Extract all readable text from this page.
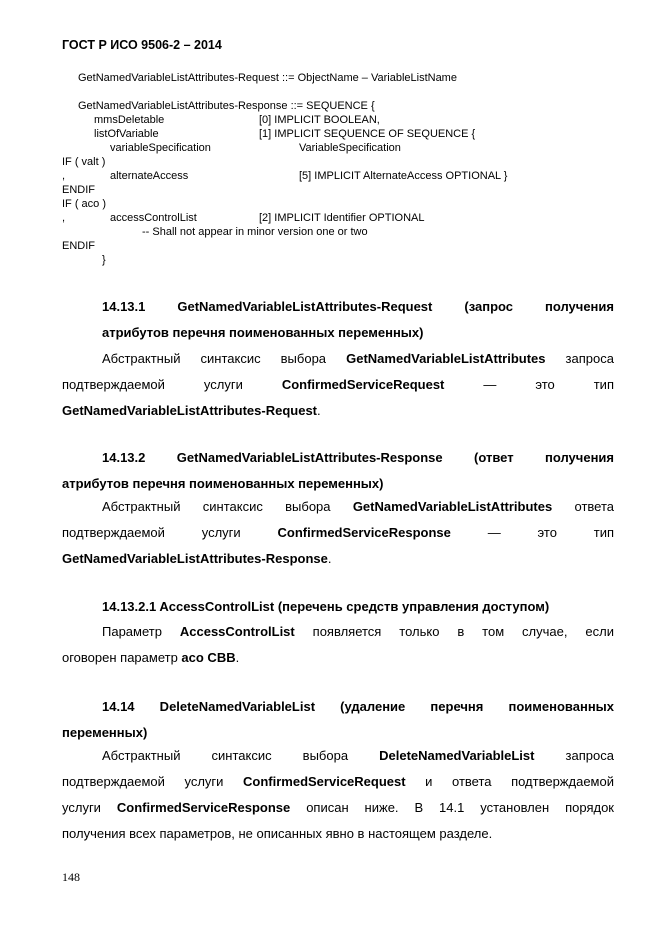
ГОСТ Р ИСО 9506-2 – 2014
GetNamedVariableListAttributes-Request ::= ObjectName – VariableListName
GetNamedVariableListAttributes-Response ::= SEQUENCE {
mmsDeletable	[0] IMPLICIT BOOLEAN,
listOfVariable	[1] IMPLICIT SEQUENCE OF SEQUENCE {
variableSpecification	VariableSpecification
IF ( valt )
,	alternateAccess	[5] IMPLICIT AlternateAccess OPTIONAL }
ENDIF
IF ( aco )
,	accessControlList	[2] IMPLICIT Identifier OPTIONAL
-- Shall not appear in minor version one or two
ENDIF
}
14.13.1 GetNamedVariableListAttributes-Request (запрос получения
атрибутов перечня поименованных переменных)
Абстрактный синтаксис выбора GetNamedVariableListAttributes запроса
подтверждаемой услуги ConfirmedServiceRequest — это тип
GetNamedVariableListAttributes-Request.
14.13.2 GetNamedVariableListAttributes-Response (ответ получения
атрибутов перечня поименованных переменных)
Абстрактный синтаксис выбора GetNamedVariableListAttributes ответа
подтверждаемой услуги ConfirmedServiceResponse — это тип
GetNamedVariableListAttributes-Response.
14.13.2.1 AccessControlList (перечень средств управления доступом)
Параметр AccessControlList появляется только в том случае, если
оговорен параметр aco CBB.
14.14 DeleteNamedVariableList (удаление перечня поименованных
переменных)
Абстрактный синтаксис выбора DeleteNamedVariableList запроса
подтверждаемой услуги ConfirmedServiceRequest и ответа подтверждаемой
услуги ConfirmedServiceResponse описан ниже. В 14.1 установлен порядок
получения всех параметров, не описанных явно в настоящем разделе.
148
